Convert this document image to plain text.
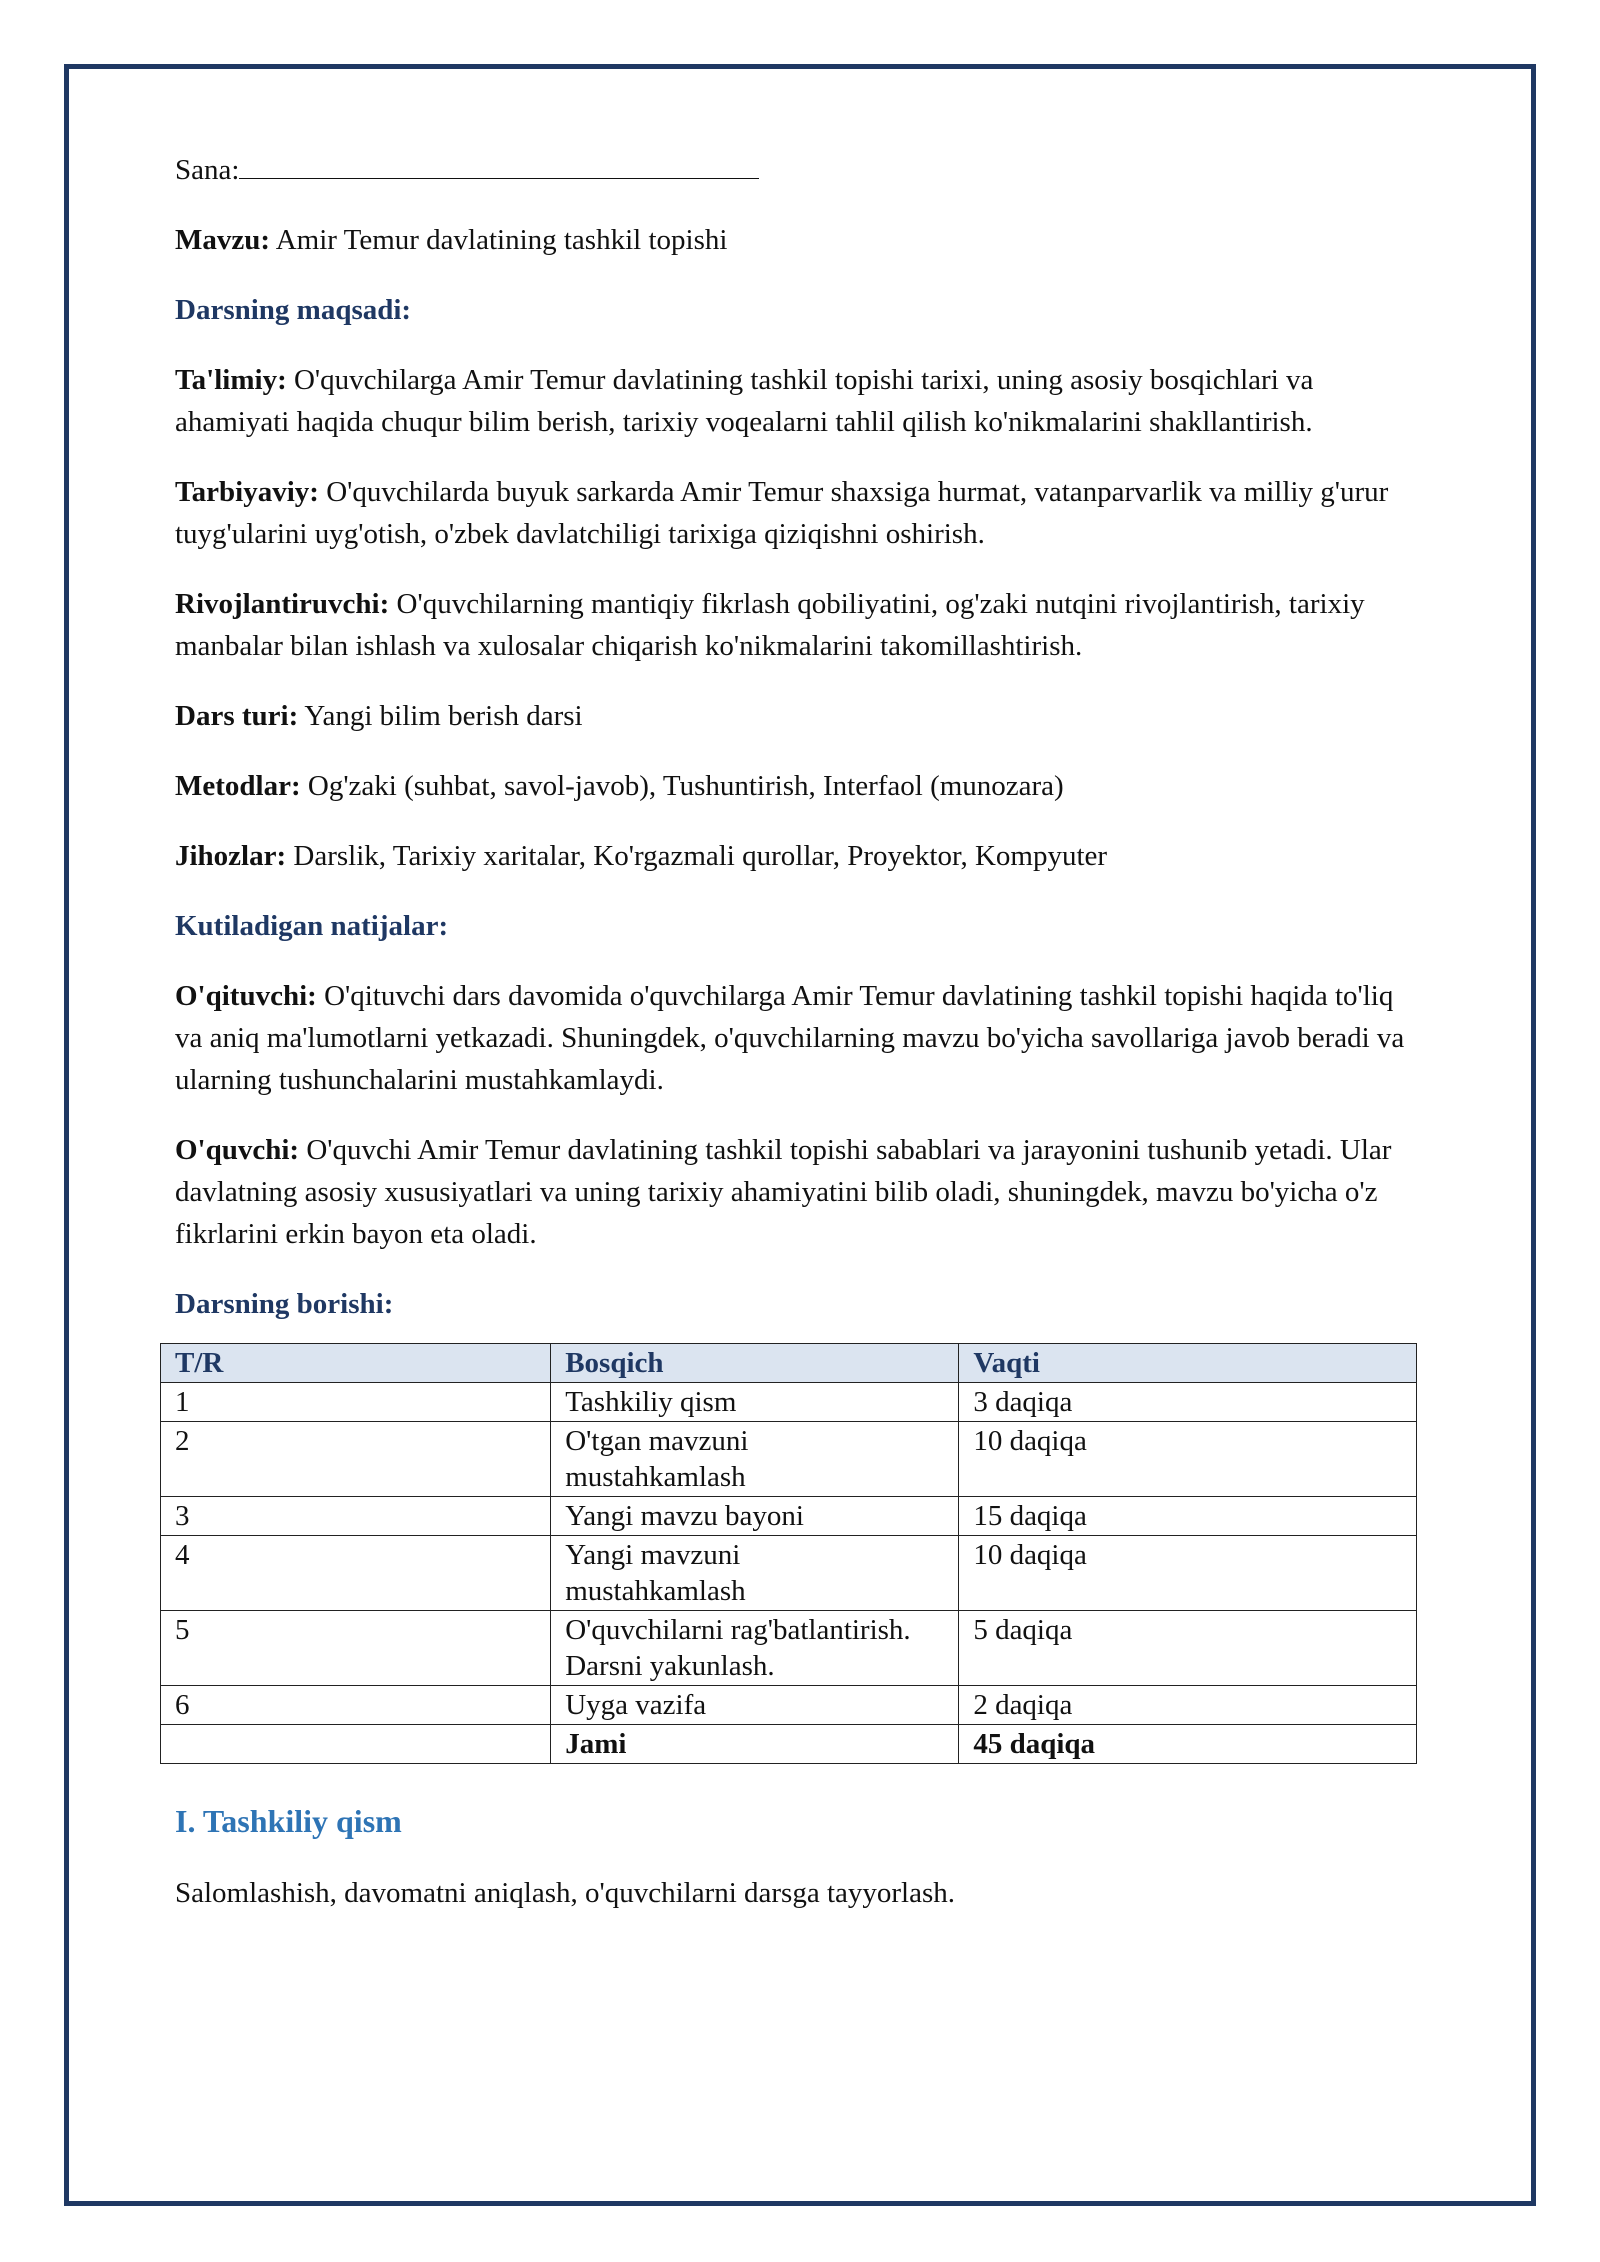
Sana:

Mavzu: Amir Temur davlatining tashkil topishi

Darsning maqsadi:

Ta'limiy: O'quvchilarga Amir Temur davlatining tashkil topishi tarixi, uning asosiy bosqichlari va ahamiyati haqida chuqur bilim berish, tarixiy voqealarni tahlil qilish ko'nikmalarini shakllantirish.

Tarbiyaviy: O'quvchilarda buyuk sarkarda Amir Temur shaxsiga hurmat, vatanparvarlik va milliy g'urur tuyg'ularini uyg'otish, o'zbek davlatchiligi tarixiga qiziqishni oshirish.

Rivojlantiruvchi: O'quvchilarning mantiqiy fikrlash qobiliyatini, og'zaki nutqini rivojlantirish, tarixiy manbalar bilan ishlash va xulosalar chiqarish ko'nikmalarini takomillashtirish.

Dars turi: Yangi bilim berish darsi

Metodlar: Og'zaki (suhbat, savol-javob), Tushuntirish, Interfaol (munozara)

Jihozlar: Darslik, Tarixiy xaritalar, Ko'rgazmali qurollar, Proyektor, Kompyuter

Kutiladigan natijalar:

O'qituvchi: O'qituvchi dars davomida o'quvchilarga Amir Temur davlatining tashkil topishi haqida to'liq va aniq ma'lumotlarni yetkazadi. Shuningdek, o'quvchilarning mavzu bo'yicha savollariga javob beradi va ularning tushunchalarini mustahkamlaydi.

O'quvchi: O'quvchi Amir Temur davlatining tashkil topishi sabablari va jarayonini tushunib yetadi. Ular davlatning asosiy xususiyatlari va uning tarixiy ahamiyatini bilib oladi, shuningdek, mavzu bo'yicha o'z fikrlarini erkin bayon eta oladi.

Darsning borishi:
T/R	Bosqich	Vaqti
1	Tashkiliy qism	3 daqiqa
2	O'tgan mavzuni mustahkamlash	10 daqiqa
3	Yangi mavzu bayoni	15 daqiqa
4	Yangi mavzuni mustahkamlash	10 daqiqa
5	O'quvchilarni rag'batlantirish. Darsni yakunlash.	5 daqiqa
6	Uyga vazifa	2 daqiqa
	Jami	45 daqiqa
I. Tashkiliy qism

Salomlashish, davomatni aniqlash, o'quvchilarni darsga tayyorlash.
